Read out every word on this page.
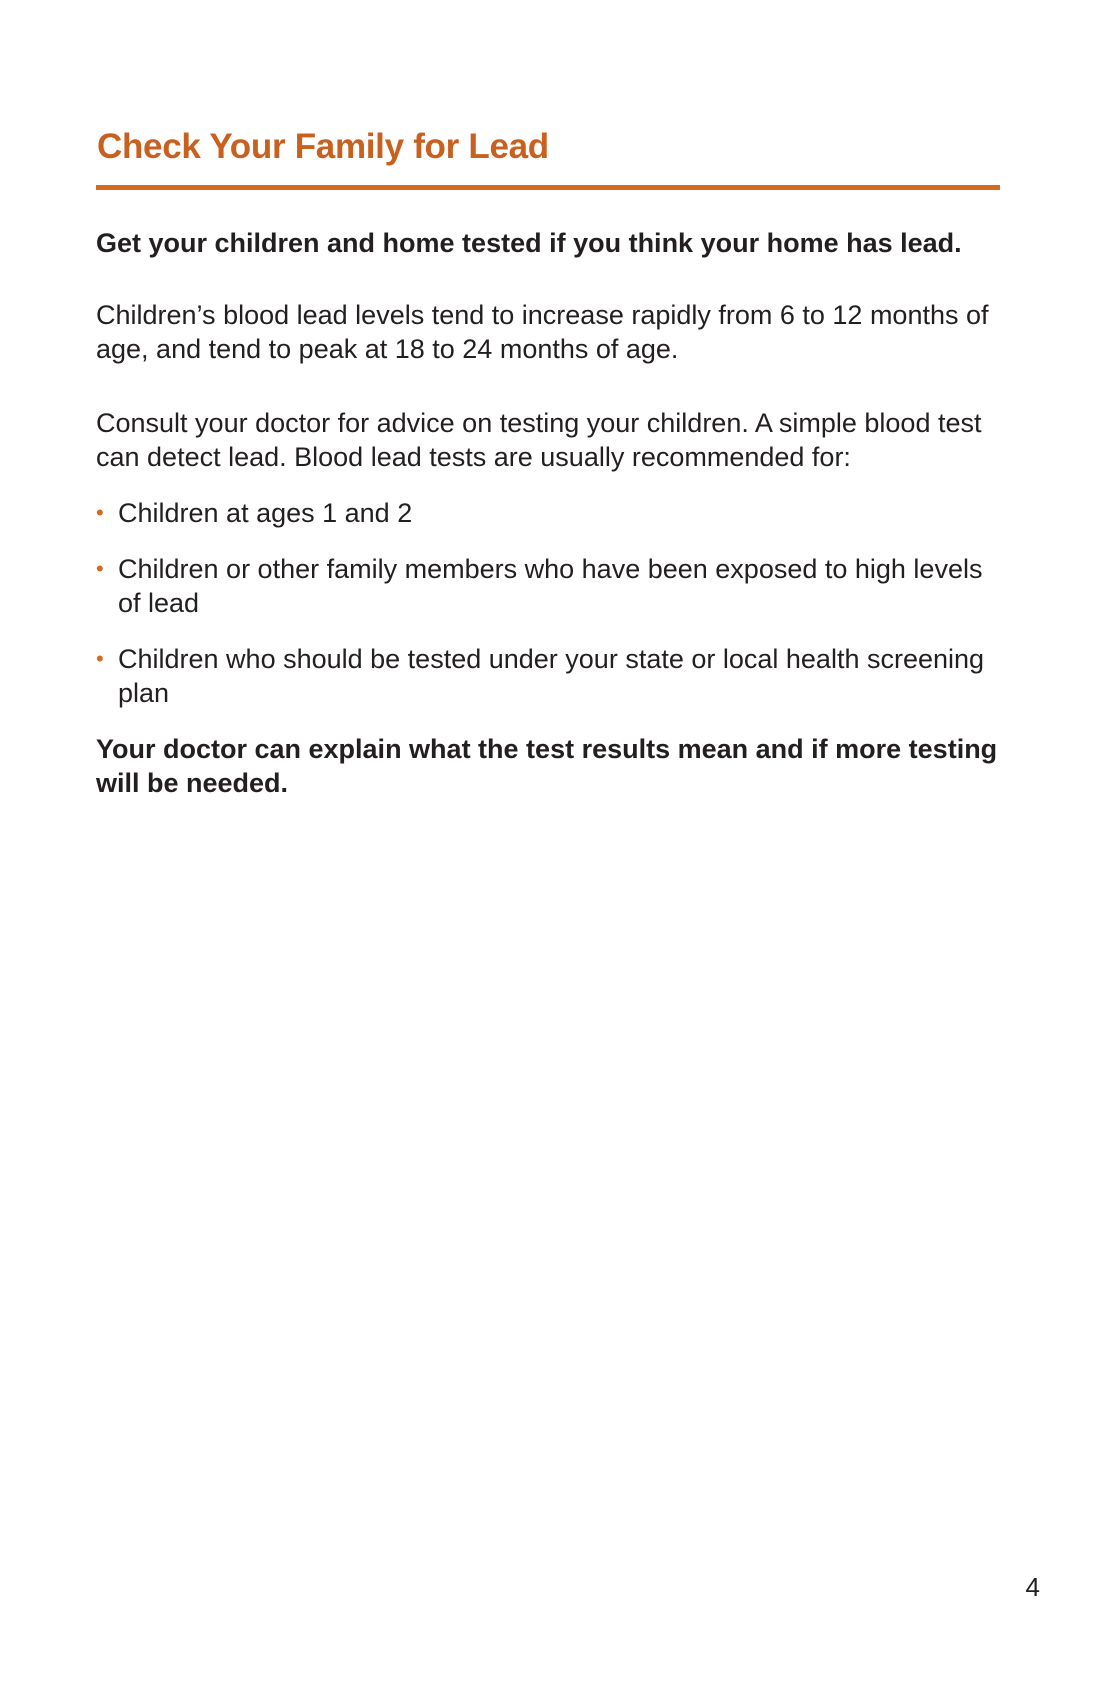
Check Your Family for Lead

Get your children and home tested if you think your home has lead.

Children’s blood lead levels tend to increase rapidly from 6 to 12 months of age, and tend to peak at 18 to 24 months of age.

Consult your doctor for advice on testing your children. A simple blood test can detect lead. Blood lead tests are usually recommended for:

• Children at ages 1 and 2
• Children or other family members who have been exposed to high levels of lead
• Children who should be tested under your state or local health screening plan

Your doctor can explain what the test results mean and if more testing will be needed.

4
